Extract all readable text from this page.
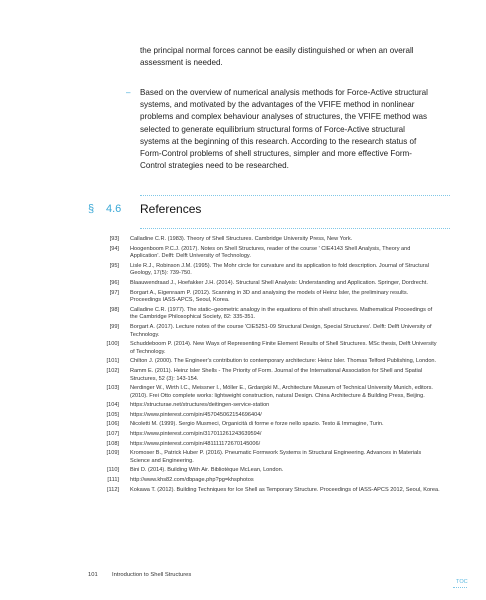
the principal normal forces cannot be easily distinguished or when an overall assessment is needed.
– Based on the overview of numerical analysis methods for Force-Active structural systems, and motivated by the advantages of the VFIFE method in nonlinear problems and complex behaviour analyses of structures, the VFIFE method was selected to generate equilibrium structural forms of Force-Active structural systems at the beginning of this research. According to the research status of Form-Control problems of shell structures, simpler and more effective Form-Control strategies need to be researched.
§ 4.6 References
[93]	Calladine C.R. (1983). Theory of Shell Structures. Cambridge University Press, New York.
[94]	Hoogenboom P.C.J. (2017). Notes on Shell Structures, reader of the course ' CIE4143 Shell Analysis, Theory and Application'. Delft: Delft University of Technology.
[95]	Lisle R.J., Robinson J.M. (1995). The Mohr circle for curvature and its application to fold description. Journal of Structural Geology, 17(5): 739-750.
[96]	Blaauwendraad J., Hoefakker J.H. (2014). Structural Shell Analysis: Understanding and Application. Springer, Dordrecht.
[97]	Borgart A., Eigenraam P. (2012). Scanning in 3D and analysing the models of Heinz Isler, the preliminary results. Proceedings IASS-APCS, Seoul, Korea.
[98]	Calladine C.R. (1977). The static–geometric analogy in the equations of thin shell structures. Mathematical Proceedings of the Cambridge Philosophical Society, 82: 335-351.
[99]	Borgart A. (2017). Lecture notes of the course 'CIE5251-09 Structural Design, Special Structures'. Delft: Delft University of Technology.
[100]	Schuddeboom P. (2014). New Ways of Representing Finite Element Results of Shell Structures. MSc thesis, Delft University of Technology.
[101]	Chilton J. (2000). The Engineer's contribution to contemporary architecture: Heinz Isler. Thomas Telford Publishing, London.
[102]	Ramm E. (2011). Heinz Isler Shells - The Priority of Form. Journal of the International Association for Shell and Spatial Structures, 52 (3): 143-154.
[103]	Nerdinger W., Wirth I.C., Meissner I., Möller E., Grdanjski M., Architecture Museum of Technical University Munich, editors. (2010). Frei Otto complete works: lightweight construction, natural Design. China Architecture & Building Press, Beijing.
[104]	https://structurae.net/structures/deitingen-service-station
[105]	https://www.pinterest.com/pin/457045062154696404/
[106]	Nicoletti M. (1999). Sergio Musmeci, Organicità di forme e forze nello spazio. Testo & Immagine, Turin.
[107]	https://www.pinterest.com/pin/317011261243639594/
[108]	https://www.pinterest.com/pin/481111172670145006/
[109]	Kromoser B., Patrick Huber P. (2016). Pneumatic Formwork Systems in Structural Engineering. Advances in Materials Science and Engineering.
[110]	Bini D. (2014). Building With Air. Bibliotèque McLean, London.
[111]	http://www.khs82.com/dbpage.php?pg=khsphotos
[112]	Kokawa T. (2012). Building Techniques for Ice Shell as Temporary Structure. Proceedings of IASS-APCS 2012, Seoul, Korea.
101 Introduction to Shell Structures
TOC
